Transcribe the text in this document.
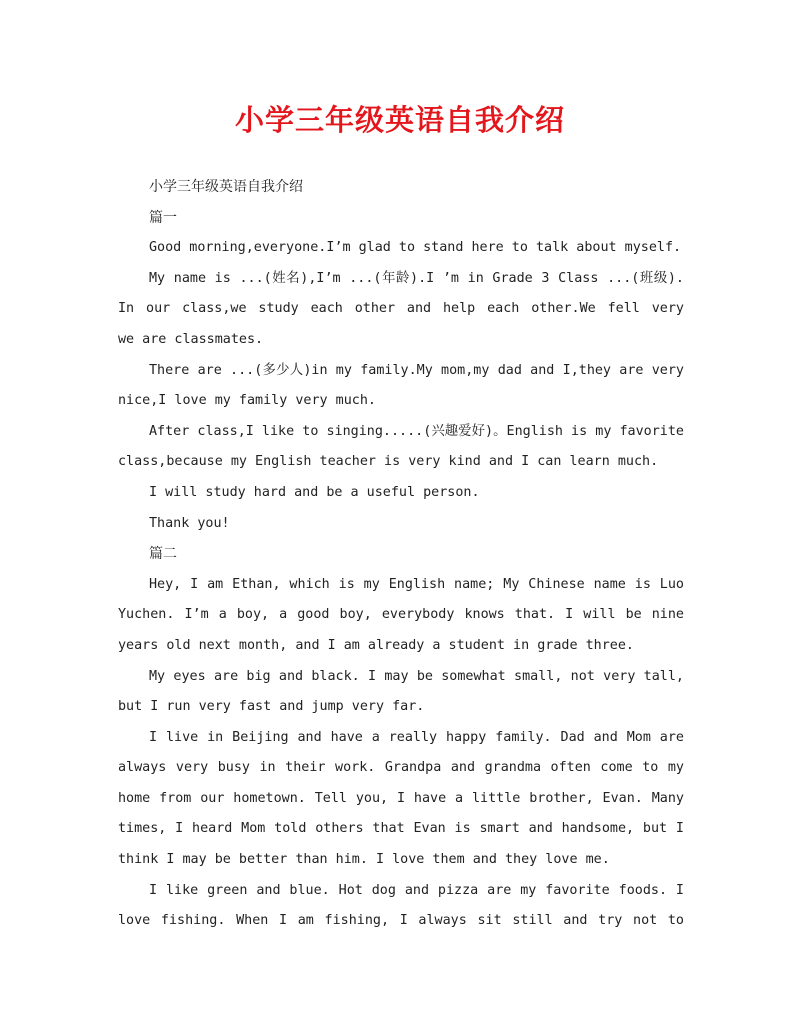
小学三年级英语自我介绍
小学三年级英语自我介绍
篇一
Good morning,everyone.I’m glad to stand here to talk about myself.
My name is ...(姓名),I’m ...(年龄).I ’m in Grade 3 Class ...(班级).
In our class,we study each other and help each other.We fell very
we are classmates.
There are ...(多少人)in my family.My mom,my dad and I,they are very
nice,I love my family very much.
After class,I like to singing.....(兴趣爱好)。English is my favorite
class,because my English teacher is very kind and I can learn much.
I will study hard and be a useful person.
Thank you!
篇二
Hey, I am Ethan, which is my English name; My Chinese name is Luo
Yuchen. I’m a boy, a good boy, everybody knows that. I will be nine
years old next month, and I am already a student in grade three.
My eyes are big and black. I may be somewhat small, not very tall,
but I run very fast and jump very far.
I live in Beijing and have a really happy family. Dad and Mom are
always very busy in their work. Grandpa and grandma often come to my
home from our hometown. Tell you, I have a little brother, Evan. Many
times, I heard Mom told others that Evan is smart and handsome, but I
think I may be better than him. I love them and they love me.
I like green and blue. Hot dog and pizza are my favorite foods. I
love fishing. When I am fishing, I always sit still and try not to
